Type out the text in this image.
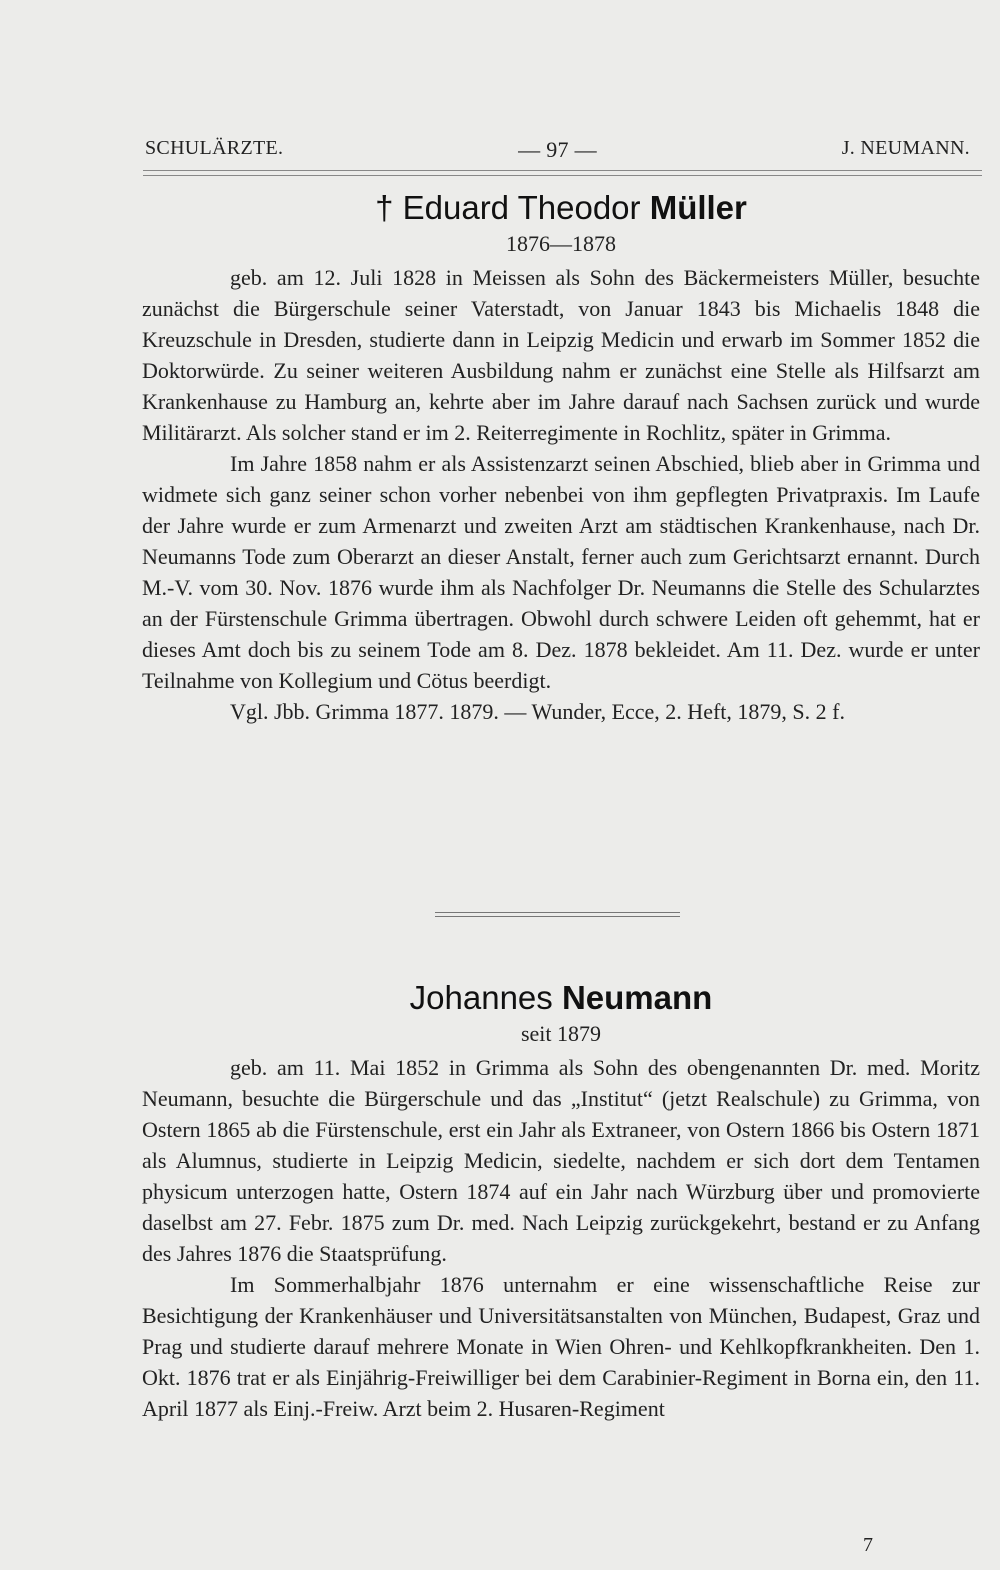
SCHULÄRZTE.	— 97 —	J. NEUMANN.
† Eduard Theodor Müller
1876—1878

geb. am 12. Juli 1828 in Meissen als Sohn des Bäckermeisters Müller, besuchte zunächst die Bürgerschule seiner Vaterstadt, von Januar 1843 bis Michaelis 1848 die Kreuzschule in Dresden, studierte dann in Leipzig Medicin und erwarb im Sommer 1852 die Doktorwürde. Zu seiner weiteren Ausbildung nahm er zunächst eine Stelle als Hilfsarzt am Krankenhause zu Hamburg an, kehrte aber im Jahre darauf nach Sachsen zurück und wurde Militärarzt. Als solcher stand er im 2. Reiterregimente in Rochlitz, später in Grimma.

Im Jahre 1858 nahm er als Assistenzarzt seinen Abschied, blieb aber in Grimma und widmete sich ganz seiner schon vorher nebenbei von ihm gepflegten Privatpraxis. Im Laufe der Jahre wurde er zum Armenarzt und zweiten Arzt am städtischen Krankenhause, nach Dr. Neumanns Tode zum Oberarzt an dieser Anstalt, ferner auch zum Gerichtsarzt ernannt. Durch M.-V. vom 30. Nov. 1876 wurde ihm als Nachfolger Dr. Neumanns die Stelle des Schularztes an der Fürstenschule Grimma übertragen. Obwohl durch schwere Leiden oft gehemmt, hat er dieses Amt doch bis zu seinem Tode am 8. Dez. 1878 bekleidet. Am 11. Dez. wurde er unter Teilnahme von Kollegium und Cötus beerdigt.

Vgl. Jbb. Grimma 1877. 1879. — Wunder, Ecce, 2. Heft, 1879, S. 2 f.

Johannes Neumann
seit 1879

geb. am 11. Mai 1852 in Grimma als Sohn des obengenannten Dr. med. Moritz Neumann, besuchte die Bürgerschule und das „Institut“ (jetzt Realschule) zu Grimma, von Ostern 1865 ab die Fürstenschule, erst ein Jahr als Extraneer, von Ostern 1866 bis Ostern 1871 als Alumnus, studierte in Leipzig Medicin, siedelte, nachdem er sich dort dem Tentamen physicum unterzogen hatte, Ostern 1874 auf ein Jahr nach Würzburg über und promovierte daselbst am 27. Febr. 1875 zum Dr. med. Nach Leipzig zurückgekehrt, bestand er zu Anfang des Jahres 1876 die Staatsprüfung.

Im Sommerhalbjahr 1876 unternahm er eine wissenschaftliche Reise zur Besichtigung der Krankenhäuser und Universitätsanstalten von München, Budapest, Graz und Prag und studierte darauf mehrere Monate in Wien Ohren- und Kehlkopfkrankheiten. Den 1. Okt. 1876 trat er als Einjährig-Freiwilliger bei dem Carabinier-Regiment in Borna ein, den 11. April 1877 als Einj.-Freiw. Arzt beim 2. Husaren-Regiment

7
